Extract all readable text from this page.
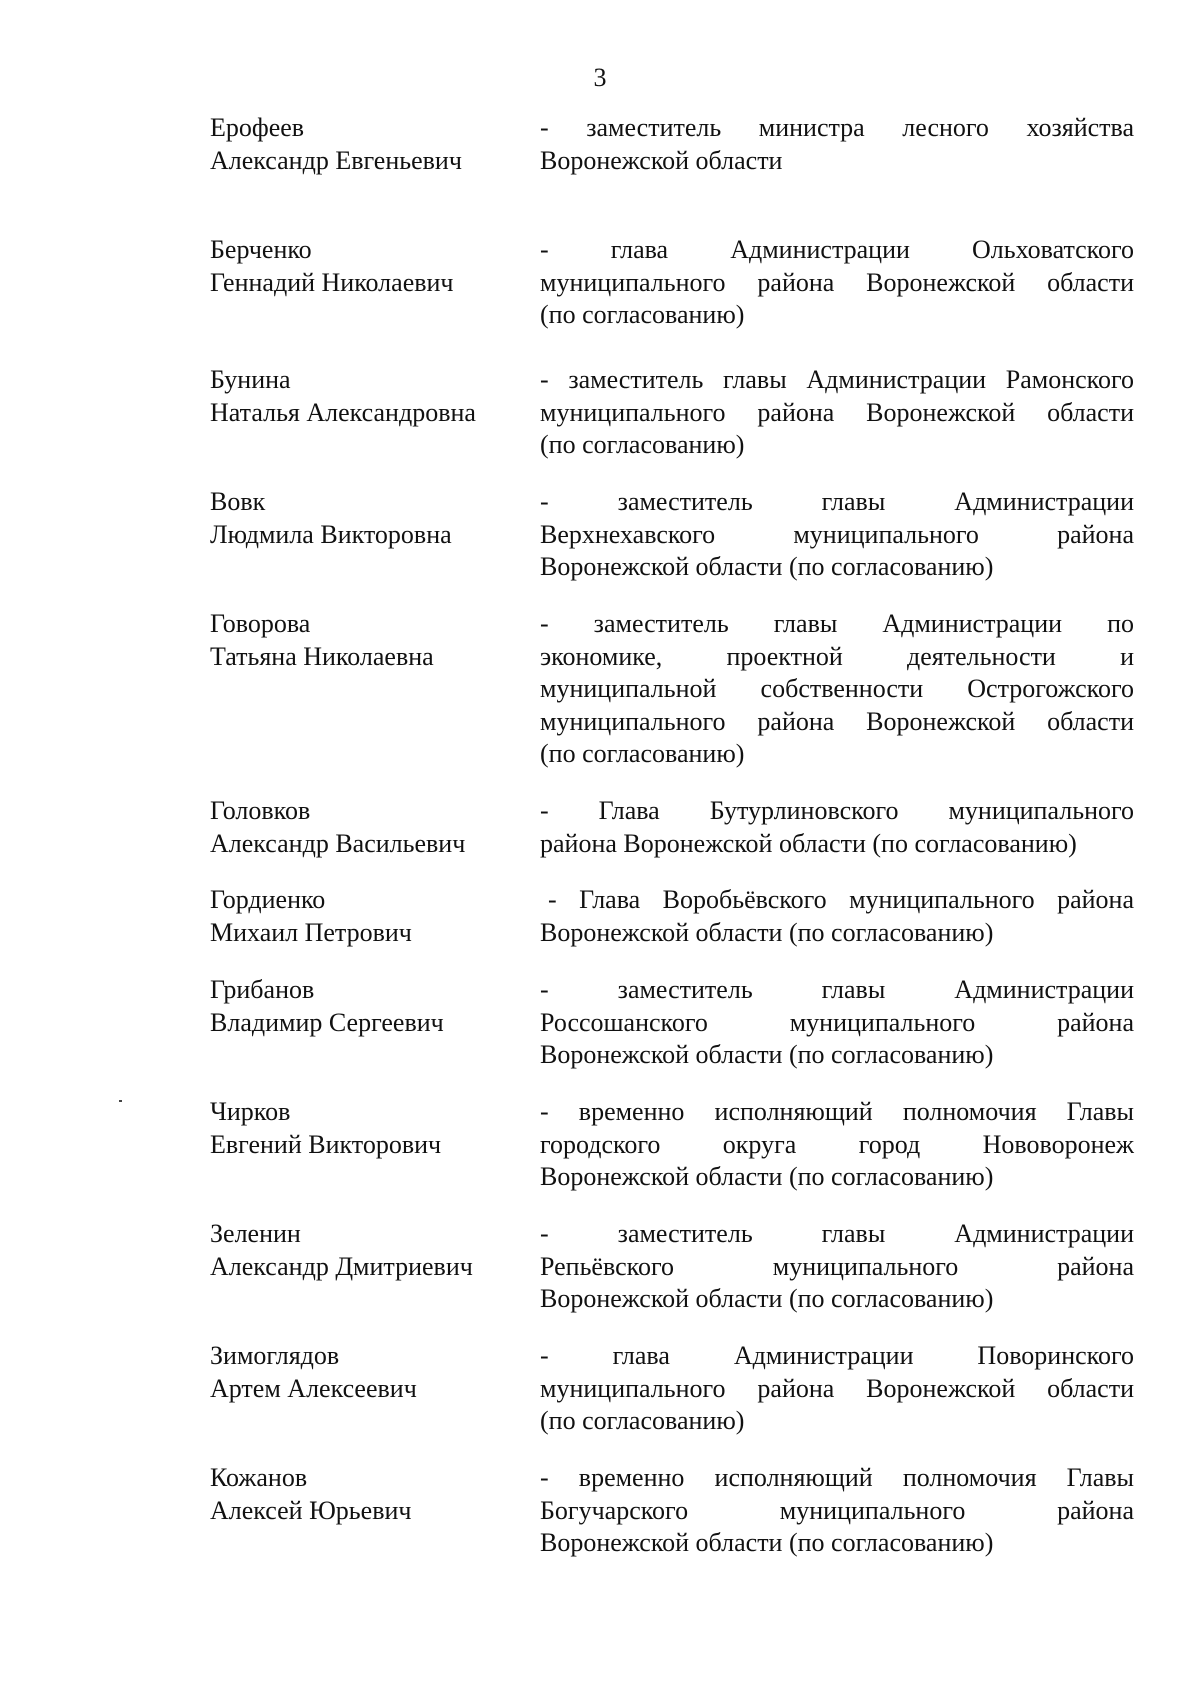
3
Ерофеев
Александр Евгеньевич
- заместитель министра лесного хозяйства
Воронежской области
Берченко
Геннадий Николаевич
- глава Администрации Ольховатского
муниципального района Воронежской области
(по согласованию)
Бунина
Наталья Александровна
- заместитель главы Администрации Рамонского
муниципального района Воронежской области
(по согласованию)
Вовк
Людмила Викторовна
- заместитель главы Администрации
Верхнехавского муниципального района
Воронежской области (по согласованию)
Говорова
Татьяна Николаевна
- заместитель главы Администрации по
экономике, проектной деятельности и
муниципальной собственности Острогожского
муниципального района Воронежской области
(по согласованию)
Головков
Александр Васильевич
- Глава Бутурлиновского муниципального
района Воронежской области (по согласованию)
Гордиенко
Михаил Петрович
- Глава Воробьёвского муниципального района
Воронежской области (по согласованию)
Грибанов
Владимир Сергеевич
- заместитель главы Администрации
Россошанского муниципального района
Воронежской области (по согласованию)
Чирков
Евгений Викторович
- временно исполняющий полномочия Главы
городского округа город Нововоронеж
Воронежской области (по согласованию)
Зеленин
Александр Дмитриевич
- заместитель главы Администрации
Репьёвского муниципального района
Воронежской области (по согласованию)
Зимоглядов
Артем Алексеевич
- глава Администрации Поворинского
муниципального района Воронежской области
(по согласованию)
Кожанов
Алексей Юрьевич
- временно исполняющий полномочия Главы
Богучарского муниципального района
Воронежской области (по согласованию)
